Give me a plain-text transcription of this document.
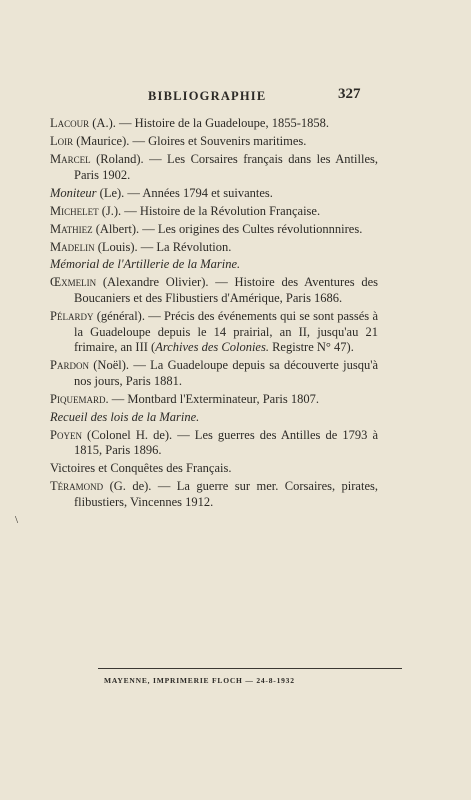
BIBLIOGRAPHIE	327
\

Lacour (A.). — Histoire de la Guadeloupe, 1855-1858.

Loir (Maurice). — Gloires et Souvenirs maritimes.

Marcel (Roland). — Les Corsaires français dans les Antilles, Paris 1902.

Moniteur (Le). — Années 1794 et suivantes.

Michelet (J.). — Histoire de la Révolution Française.

Mathiez (Albert). — Les origines des Cultes révolutionnnires.

Madelin (Louis). — La Révolution.

Mémorial de l'Artillerie de la Marine.

Œxmelin (Alexandre Olivier). — Histoire des Aventures des Boucaniers et des Flibustiers d'Amérique, Paris 1686.

Pélardy (général). — Précis des événements qui se sont passés à la Guadeloupe depuis le 14 prairial, an II, jusqu'au 21 frimaire, an III (Archives des Colonies. Registre N° 47).

Pardon (Noël). — La Guadeloupe depuis sa découverte jusqu'à nos jours, Paris 1881.

Piquemard. — Montbard l'Exterminateur, Paris 1807.

Recueil des lois de la Marine.

Poyen (Colonel H. de). — Les guerres des Antilles de 1793 à 1815, Paris 1896.

Victoires et Conquêtes des Français.

Téramond (G. de). — La guerre sur mer. Corsaires, pirates, flibustiers, Vincennes 1912.

MAYENNE, IMPRIMERIE FLOCH — 24-8-1932
